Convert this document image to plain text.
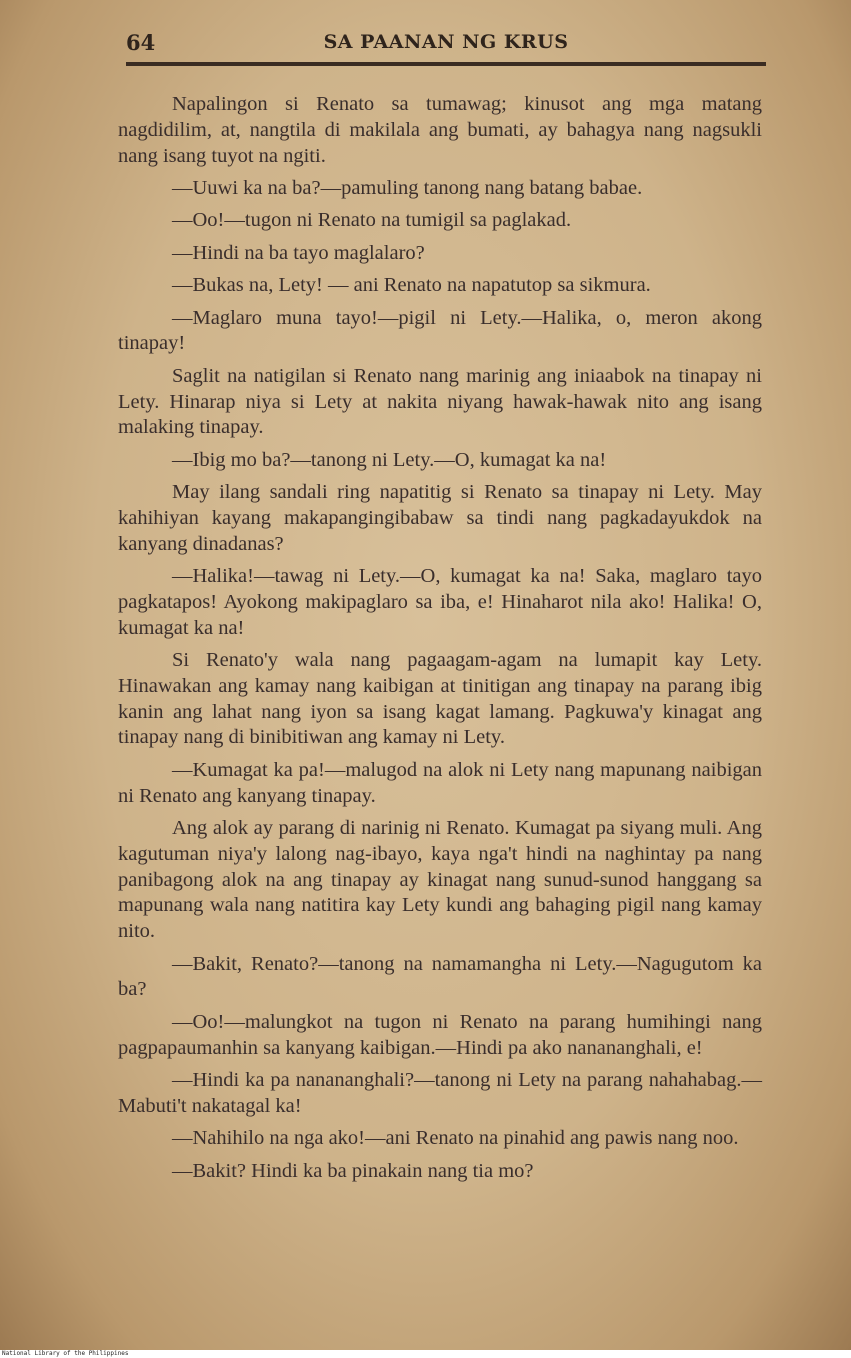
64	SA PAANAN NG KRUS

Napalingon si Renato sa tumawag; kinusot ang mga matang nagdidilim, at, nangtila di makilala ang bumati, ay bahagya nang nagsukli nang isang tuyot na ngiti.

—Uuwi ka na ba?—pamuling tanong nang batang babae.

—Oo!—tugon ni Renato na tumigil sa paglakad.

—Hindi na ba tayo maglalaro?

—Bukas na, Lety! — ani Renato na napatutop sa sikmura.

—Maglaro muna tayo!—pigil ni Lety.—Halika, o, meron akong tinapay!

Saglit na natigilan si Renato nang marinig ang iniaabok na tinapay ni Lety. Hinarap niya si Lety at nakita niyang hawak-hawak nito ang isang malaking tinapay.

—Ibig mo ba?—tanong ni Lety.—O, kumagat ka na!

May ilang sandali ring napatitig si Renato sa tinapay ni Lety. May kahihiyan kayang makapangingibabaw sa tindi nang pagkadayukdok na kanyang dinadanas?

—Halika!—tawag ni Lety.—O, kumagat ka na! Saka, maglaro tayo pagkatapos! Ayokong makipaglaro sa iba, e! Hinaharot nila ako! Halika! O, kumagat ka na!

Si Renato'y wala nang pagaagam-agam na lumapit kay Lety. Hinawakan ang kamay nang kaibigan at tinitigan ang tinapay na parang ibig kanin ang lahat nang iyon sa isang kagat lamang. Pagkuwa'y kinagat ang tinapay nang di binibitiwan ang kamay ni Lety.

—Kumagat ka pa!—malugod na alok ni Lety nang mapunang naibigan ni Renato ang kanyang tinapay.

Ang alok ay parang di narinig ni Renato. Kumagat pa siyang muli. Ang kagutuman niya'y lalong nag-ibayo, kaya nga't hindi na naghintay pa nang panibagong alok na ang tinapay ay kinagat nang sunud-sunod hanggang sa mapunang wala nang natitira kay Lety kundi ang bahaging pigil nang kamay nito.

—Bakit, Renato?—tanong na namamangha ni Lety.—Nagugutom ka ba?

—Oo!—malungkot na tugon ni Renato na parang humihingi nang pagpapaumanhin sa kanyang kaibigan.—Hindi pa ako nanananghali, e!

—Hindi ka pa nanananghali?—tanong ni Lety na parang nahahabag.—Mabuti't nakatagal ka!

—Nahihilo na nga ako!—ani Renato na pinahid ang pawis nang noo.

—Bakit? Hindi ka ba pinakain nang tia mo?

National Library of the Philippines
